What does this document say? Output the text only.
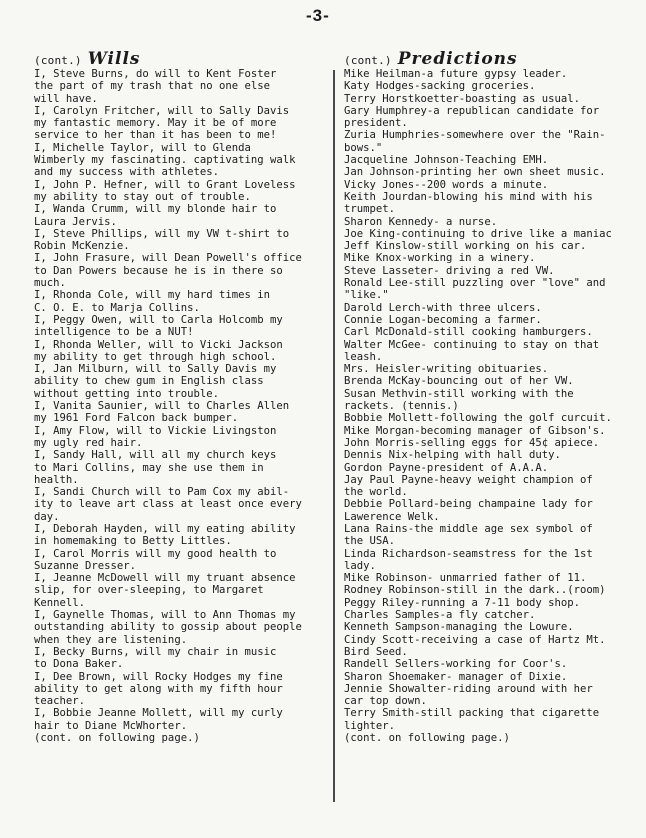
-3-
(cont.) Wills
I, Steve Burns, do will to Kent Foster
the part of my trash that no one else
will have.
I, Carolyn Fritcher, will to Sally Davis
my fantastic memory. May it be of more
service to her than it has been to me!
I, Michelle Taylor, will to Glenda
Wimberly my fascinating. captivating walk
and my success with athletes.
I, John P. Hefner, will to Grant Loveless
my ability to stay out of trouble.
I, Wanda Crumm, will my blonde hair to
Laura Jervis.
I, Steve Phillips, will my VW t-shirt to
Robin McKenzie.
I, John Frasure, will Dean Powell's office
to Dan Powers because he is in there so
much.
I, Rhonda Cole, will my hard times in
C. O. E. to Marja Collins.
I, Peggy Owen, will to Carla Holcomb my
intelligence to be a NUT!
I, Rhonda Weller, will to Vicki Jackson
my ability to get through high school.
I, Jan Milburn, will to Sally Davis my
ability to chew gum in English class
without getting into trouble.
I, Vanita Saunier, will to Charles Allen
my 1961 Ford Falcon back bumper.
I, Amy Flow, will to Vickie Livingston
my ugly red hair.
I, Sandy Hall, will all my church keys
to Mari Collins, may she use them in
health.
I, Sandi Church will to Pam Cox my abil-
ity to leave art class at least once every
day.
I, Deborah Hayden, will my eating ability
in homemaking to Betty Littles.
I, Carol Morris will my good health to
Suzanne Dresser.
I, Jeanne McDowell will my truant absence
slip, for over-sleeping, to Margaret
Kennell.
I, Gaynelle Thomas, will to Ann Thomas my
outstanding ability to gossip about people
when they are listening.
I, Becky Burns, will my chair in music
to Dona Baker.
I, Dee Brown, will Rocky Hodges my fine
ability to get along with my fifth hour
teacher.
I, Bobbie Jeanne Mollett, will my curly
hair to Diane McWhorter.
(cont. on following page.)
(cont.) Predictions
Mike Heilman-a future gypsy leader.
Katy Hodges-sacking groceries.
Terry Horstkoetter-boasting as usual.
Gary Humphrey-a republican candidate for
president.
Zuria Humphries-somewhere over the "Rain-
bows."
Jacqueline Johnson-Teaching EMH.
Jan Johnson-printing her own sheet music.
Vicky Jones--200 words a minute.
Keith Jourdan-blowing his mind with his
trumpet.
Sharon Kennedy- a nurse.
Joe King-continuing to drive like a maniac
Jeff Kinslow-still working on his car.
Mike Knox-working in a winery.
Steve Lasseter- driving a red VW.
Ronald Lee-still puzzling over "love" and
"like."
Darold Lerch-with three ulcers.
Connie Logan-becoming a farmer.
Carl McDonald-still cooking hamburgers.
Walter McGee- continuing to stay on that
leash.
Mrs. Heisler-writing obituaries.
Brenda McKay-bouncing out of her VW.
Susan Methvin-still working with the
rackets. (tennis.)
Bobbie Mollett-following the golf curcuit.
Mike Morgan-becoming manager of Gibson's.
John Morris-selling eggs for 45¢ apiece.
Dennis Nix-helping with hall duty.
Gordon Payne-president of A.A.A.
Jay Paul Payne-heavy weight champion of
the world.
Debbie Pollard-being champaine lady for
Lawerence Welk.
Lana Rains-the middle age sex symbol of
the USA.
Linda Richardson-seamstress for the 1st
lady.
Mike Robinson- unmarried father of 11.
Rodney Robinson-still in the dark..(room)
Peggy Riley-running a 7-11 body shop.
Charles Samples-a fly catcher.
Kenneth Sampson-managing the Lowure.
Cindy Scott-receiving a case of Hartz Mt.
Bird Seed.
Randell Sellers-working for Coor's.
Sharon Shoemaker- manager of Dixie.
Jennie Showalter-riding around with her
car top down.
Terry Smith-still packing that cigarette
lighter.
(cont. on following page.)
